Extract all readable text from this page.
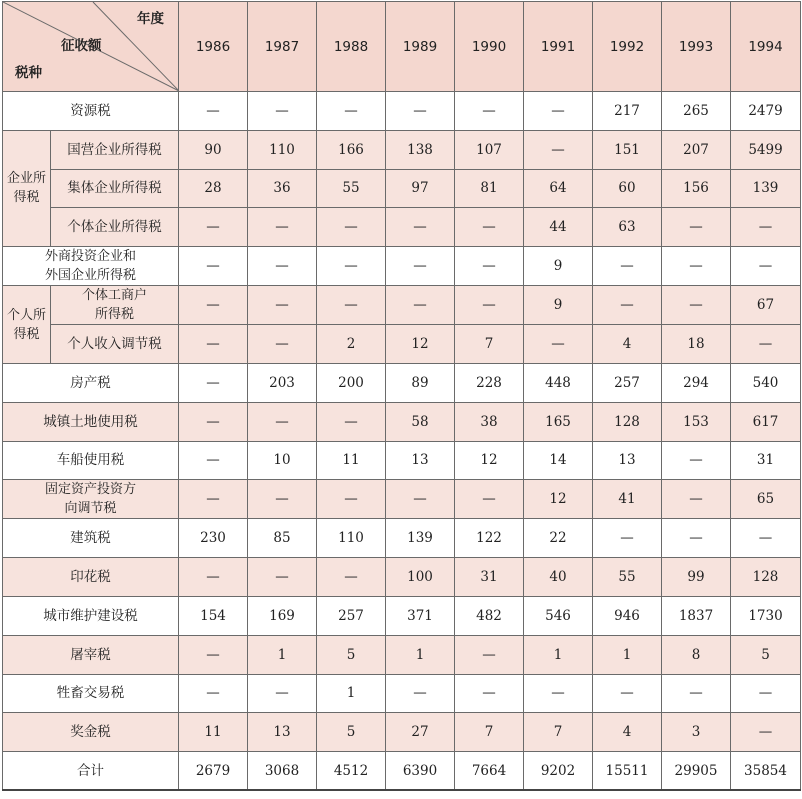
年度
征收额
税种		1986	1987	1988	1989	1990	1991	1992	1993	1994
资源税		—	—	—	—	—	—	217	265	2479
企业所得税	国营企业所得税	90	110	166	138	107	—	151	207	5499
	集体企业所得税	28	36	55	97	81	64	60	156	139
	个体企业所得税	—	—	—	—	—	44	63	—	—
外商投资企业和外国企业所得税		—	—	—	—	—	9	—	—	—
个人所得税	个体工商户所得税	—	—	—	—	—	9	—	—	67
	个人收入调节税	—	—	2	12	7	—	4	18	—
房产税		—	203	200	89	228	448	257	294	540
城镇土地使用税		—	—	—	58	38	165	128	153	617
车船使用税		—	10	11	13	12	14	13	—	31
固定资产投资方向调节税		—	—	—	—	—	12	41	—	65
建筑税		230	85	110	139	122	22	—	—	—
印花税		—	—	—	100	31	40	55	99	128
城市维护建设税		154	169	257	371	482	546	946	1837	1730
屠宰税		—	1	5	1	—	1	1	8	5
牲畜交易税		—	—	1	—	—	—	—	—	—
奖金税		11	13	5	27	7	7	4	3	—
合计		2679	3068	4512	6390	7664	9202	15511	29905	35854
